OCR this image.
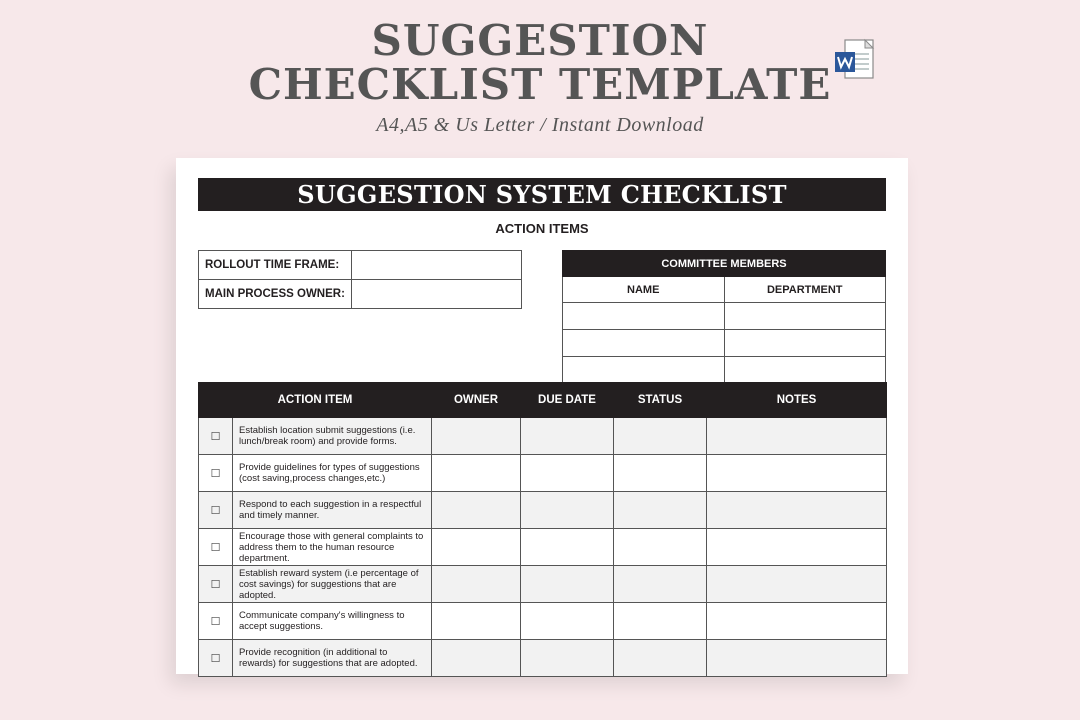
SUGGESTION
CHECKLIST TEMPLATE
A4,A5 & Us Letter / Instant Download
SUGGESTION SYSTEM CHECKLIST
ACTION ITEMS
ROLLOUT TIME FRAME:	
MAIN PROCESS OWNER:	
COMMITTEE MEMBERS	
NAME	DEPARTMENT

ACTION ITEM		OWNER	DUE DATE	STATUS	NOTES
☐	Establish location submit suggestions (i.e. lunch/break room) and provide forms.				
☐	Provide guidelines for types of suggestions (cost saving,process changes,etc.)				
☐	Respond to each suggestion in a respectful and timely manner.				
☐	Encourage those with general complaints to address them to the human resource department.				
☐	Establish reward system (i.e percentage of cost savings) for suggestions that are adopted.				
☐	Communicate company's willingness to accept suggestions.				
☐	Provide recognition (in additional to rewards) for suggestions that are adopted.				
